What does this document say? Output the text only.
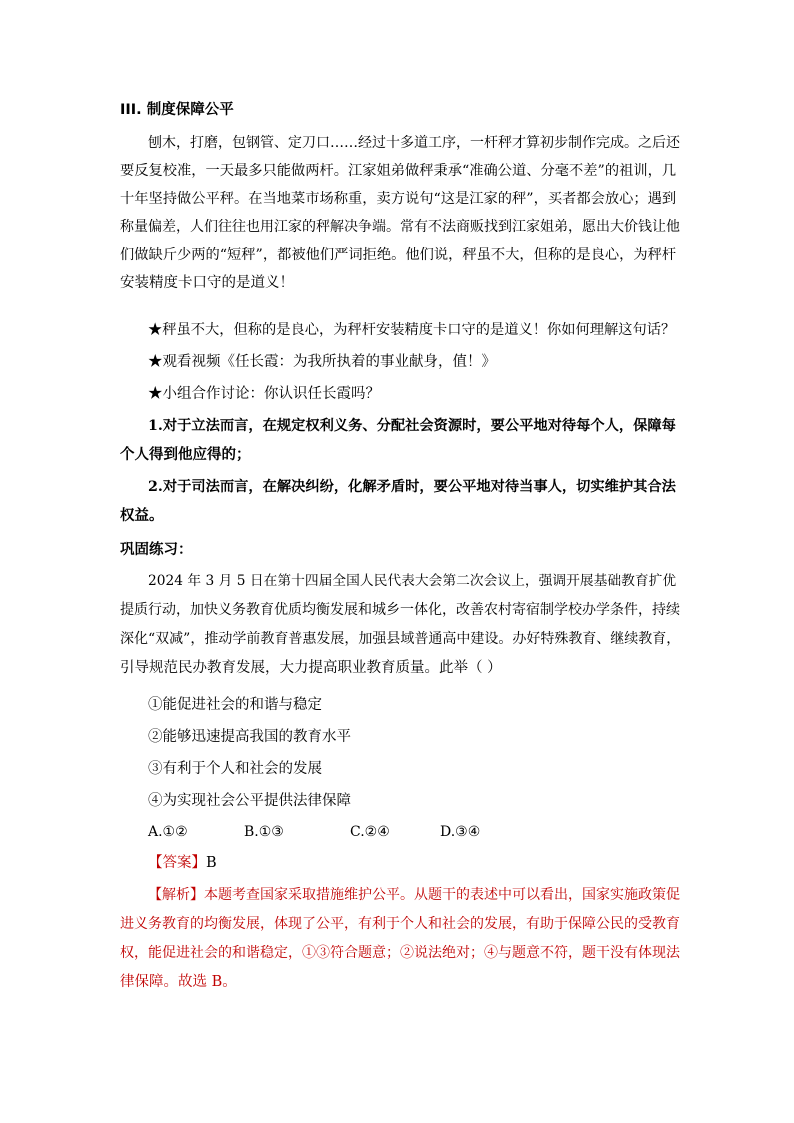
III. 制度保障公平
刨木，打磨，包钢管、定刀口……经过十多道工序，一杆秤才算初步制作完成。之后还
要反复校准，一天最多只能做两杆。江家姐弟做秤秉承“准确公道、分毫不差”的祖训，几
十年坚持做公平秤。在当地菜市场称重，卖方说句“这是江家的秤”，买者都会放心；遇到
称量偏差，人们往往也用江家的秤解决争端。常有不法商贩找到江家姐弟，愿出大价钱让他
们做缺斤少两的“短秤”，都被他们严词拒绝。他们说，秤虽不大，但称的是良心，为秤杆
安装精度卡口守的是道义！
★秤虽不大，但称的是良心，为秤杆安装精度卡口守的是道义！你如何理解这句话？
★观看视频《任长霞：为我所执着的事业献身，值！》
★小组合作讨论：你认识任长霞吗？
1.对于立法而言，在规定权利义务、分配社会资源时，要公平地对待每个人，保障每
个人得到他应得的；
2.对于司法而言，在解决纠纷，化解矛盾时，要公平地对待当事人，切实维护其合法
权益。
巩固练习：
2024 年 3 月 5 日在第十四届全国人民代表大会第二次会议上，强调开展基础教育扩优
提质行动，加快义务教育优质均衡发展和城乡一体化，改善农村寄宿制学校办学条件，持续
深化“双减”，推动学前教育普惠发展，加强县域普通高中建设。办好特殊教育、继续教育，
引导规范民办教育发展，大力提高职业教育质量。此举（ ）
①能促进社会的和谐与稳定
②能够迅速提高我国的教育水平
③有利于个人和社会的发展
④为实现社会公平提供法律保障
A.①②	B.①③	C.②④	D.③④
【答案】B
【解析】本题考查国家采取措施维护公平。从题干的表述中可以看出，国家实施政策促
进义务教育的均衡发展，体现了公平，有利于个人和社会的发展，有助于保障公民的受教育
权，能促进社会的和谐稳定，①③符合题意；②说法绝对；④与题意不符，题干没有体现法
律保障。故选 B。
